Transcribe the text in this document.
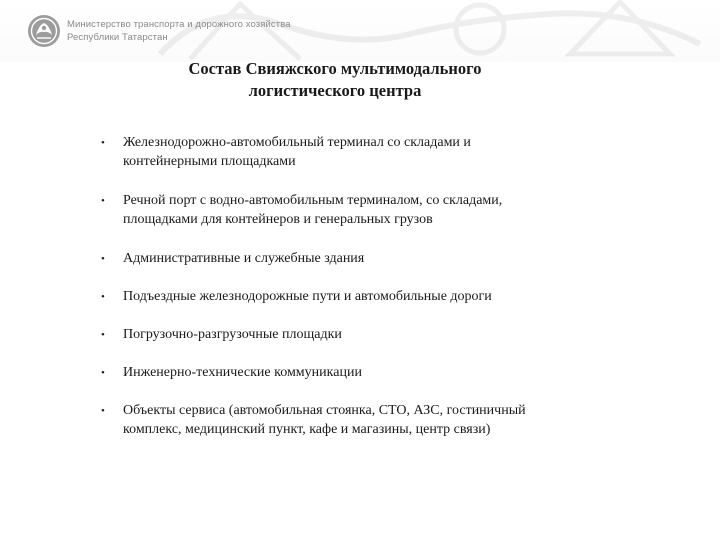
Министерство транспорта и дорожного хозяйства
Республики Татарстан
Состав Свияжского мультимодального
логистического центра
• Железнодорожно-автомобильный терминал со складами и
контейнерными площадками
• Речной порт с водно-автомобильным терминалом, со складами,
площадками для контейнеров и генеральных грузов
• Административные и служебные здания
• Подъездные железнодорожные пути и автомобильные дороги
• Погрузочно-разгрузочные площадки
• Инженерно-технические коммуникации
• Объекты сервиса (автомобильная стоянка, СТО, АЗС, гостиничный
комплекс, медицинский пункт, кафе и магазины, центр связи)
